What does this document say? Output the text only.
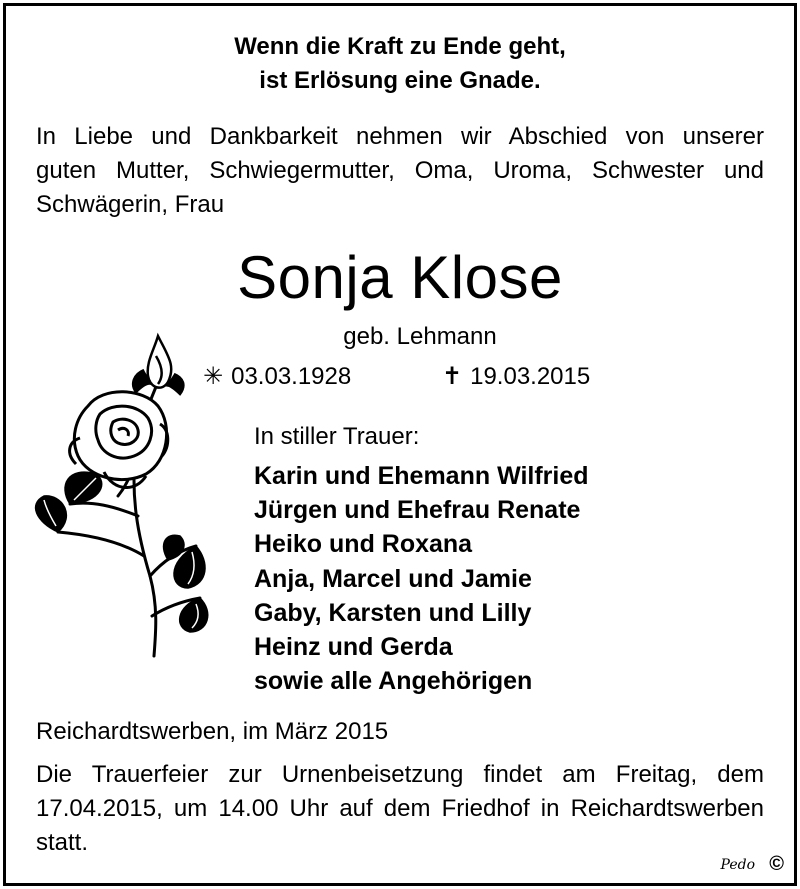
Wenn die Kraft zu Ende geht,
ist Erlösung eine Gnade.
In Liebe und Dankbarkeit nehmen wir Abschied von unserer
guten Mutter, Schwiegermutter, Oma, Uroma, Schwester und
Schwägerin, Frau
Sonja Klose
geb. Lehmann
✳ 03.03.1928	✝ 19.03.2015
In stiller Trauer:
Karin und Ehemann Wilfried
Jürgen und Ehefrau Renate
Heiko und Roxana
Anja, Marcel und Jamie
Gaby, Karsten und Lilly
Heinz und Gerda
sowie alle Angehörigen
Reichardtswerben, im März 2015
Die Trauerfeier zur Urnenbeisetzung findet am Freitag, dem
17.04.2015, um 14.00 Uhr auf dem Friedhof in Reichardtswerben
statt.
Pedo ©
